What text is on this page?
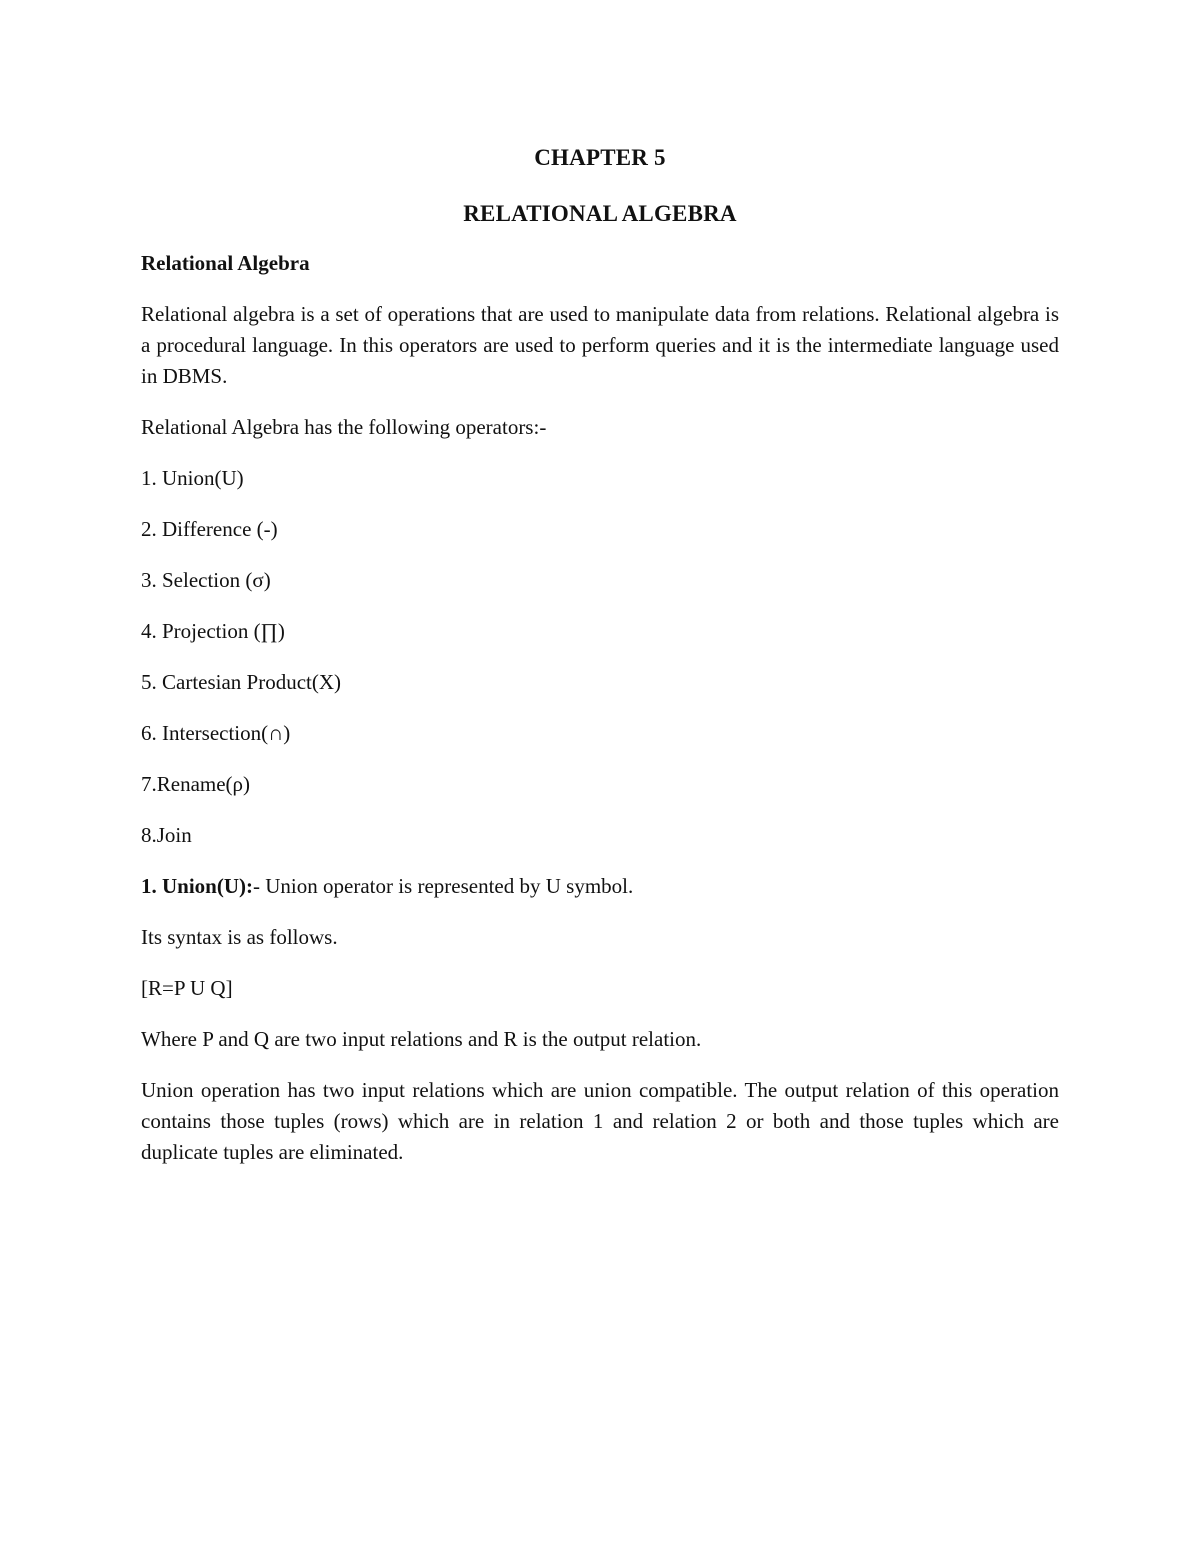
CHAPTER 5
RELATIONAL ALGEBRA

Relational Algebra

Relational algebra is a set of operations that are used to manipulate data from relations. Relational algebra is a procedural language. In this operators are used to perform queries and it is the intermediate language used in DBMS.

Relational Algebra has the following operators:-

1. Union(U)
2. Difference (-)
3. Selection (σ)
4. Projection (∏)
5. Cartesian Product(X)
6. Intersection(∩)
7.Rename(ρ)
8.Join

1. Union(U):- Union operator is represented by U symbol.

Its syntax is as follows.

[R=P U Q]

Where P and Q are two input relations and R is the output relation.

Union operation has two input relations which are union compatible. The output relation of this operation contains those tuples (rows) which are in relation 1 and relation 2 or both and those tuples which are duplicate tuples are eliminated.
